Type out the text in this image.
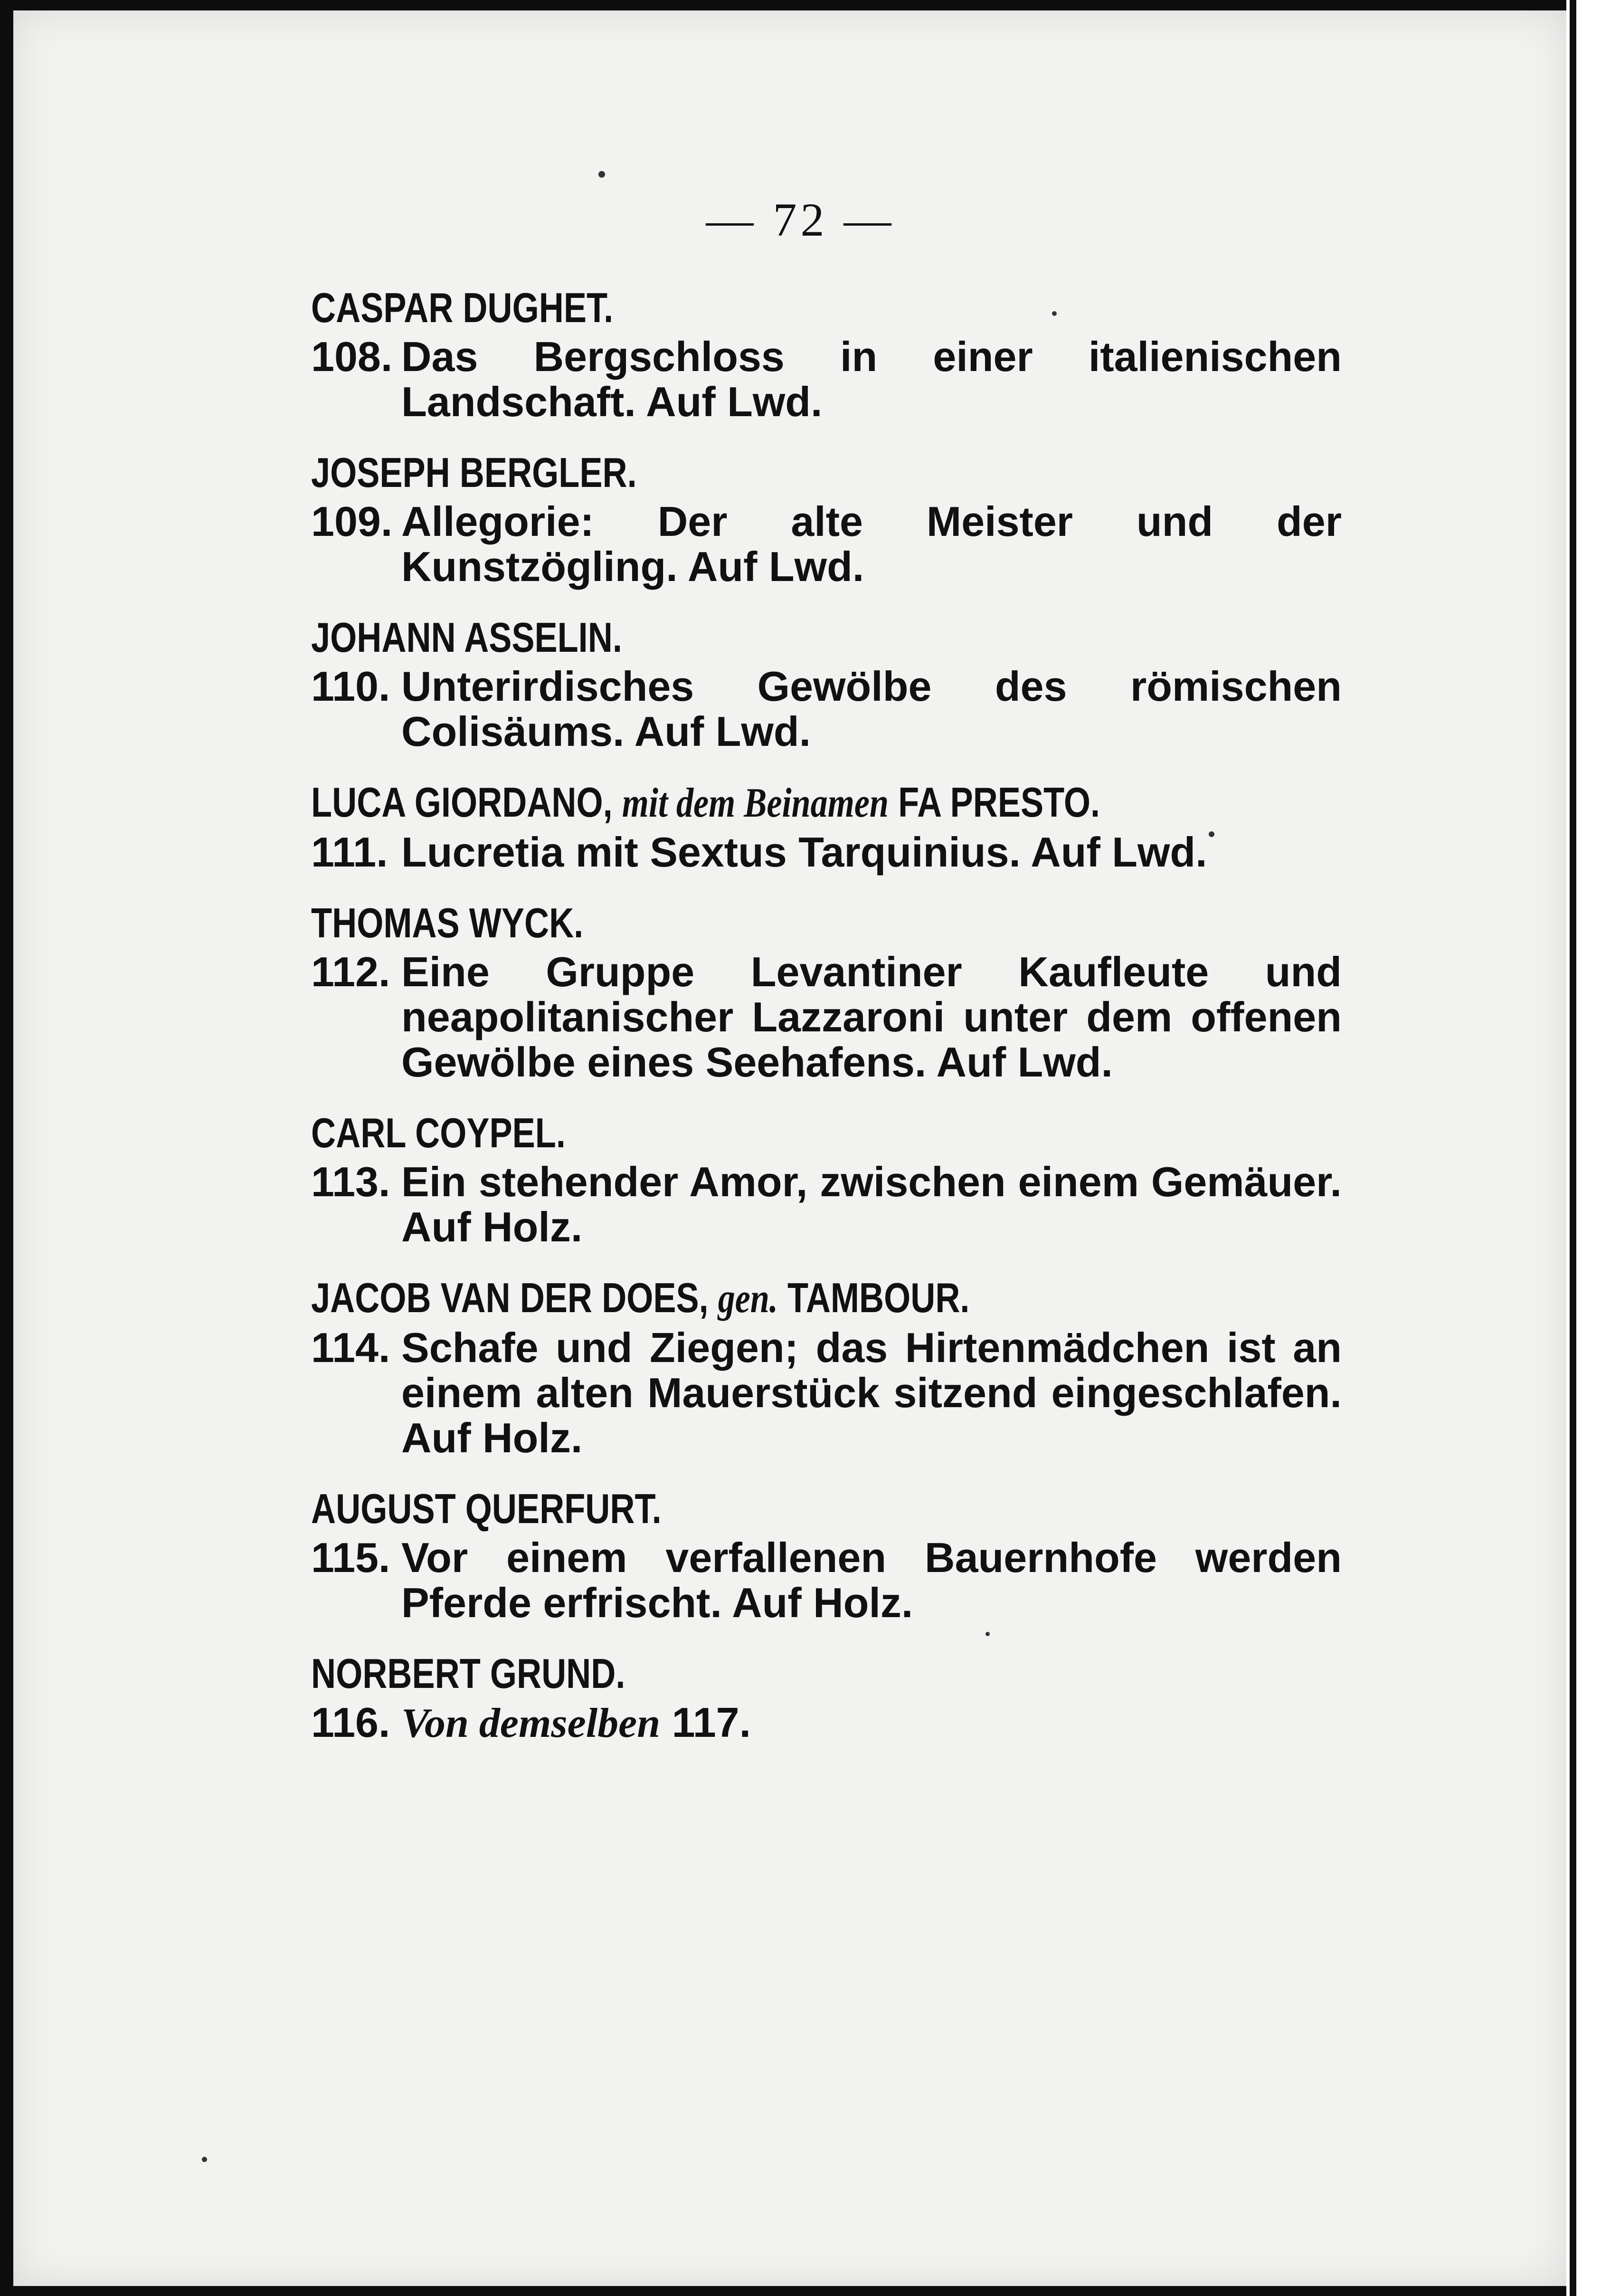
— 72 —
CASPAR DUGHET.
108. Das Bergschloss in einer italienischen Landschaft. Auf Lwd.
JOSEPH BERGLER.
109. Allegorie: Der alte Meister und der Kunstzögling. Auf Lwd.
JOHANN ASSELIN.
110. Unterirdisches Gewölbe des römischen Colisäums. Auf Lwd.
LUCA GIORDANO, mit dem Beinamen FA PRESTO.
111. Lucretia mit Sextus Tarquinius. Auf Lwd.
THOMAS WYCK.
112. Eine Gruppe Levantiner Kaufleute und neapolitanischer Lazzaroni unter dem offenen Gewölbe eines Seehafens. Auf Lwd.
CARL COYPEL.
113. Ein stehender Amor, zwischen einem Gemäuer. Auf Holz.
JACOB VAN DER DOES, gen. TAMBOUR.
114. Schafe und Ziegen; das Hirtenmädchen ist an einem alten Mauerstück sitzend eingeschlafen. Auf Holz.
AUGUST QUERFURT.
115. Vor einem verfallenen Bauernhofe werden Pferde erfrischt. Auf Holz.
NORBERT GRUND.
116. Von demselben 117.
